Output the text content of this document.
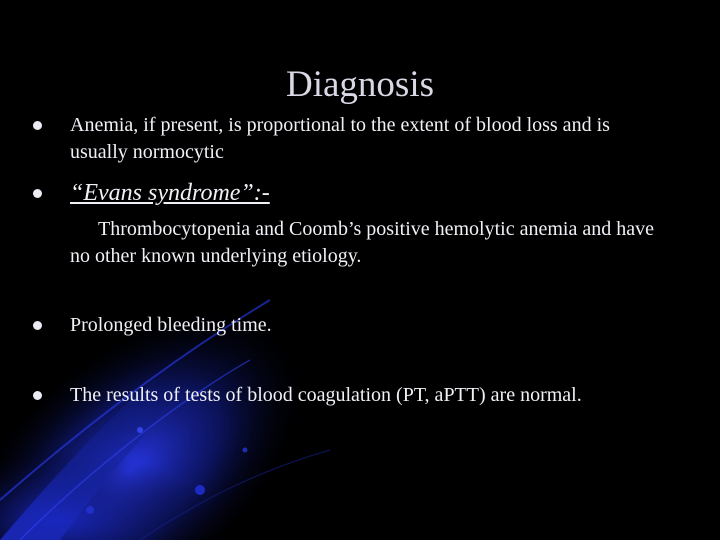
Diagnosis
Anemia, if present, is proportional to the extent of blood loss and is usually normocytic
“Evans syndrome”:-
Thrombocytopenia and Coomb’s positive hemolytic anemia and have no other known underlying etiology.
Prolonged bleeding time.
The results of tests of blood coagulation (PT, aPTT) are normal.
